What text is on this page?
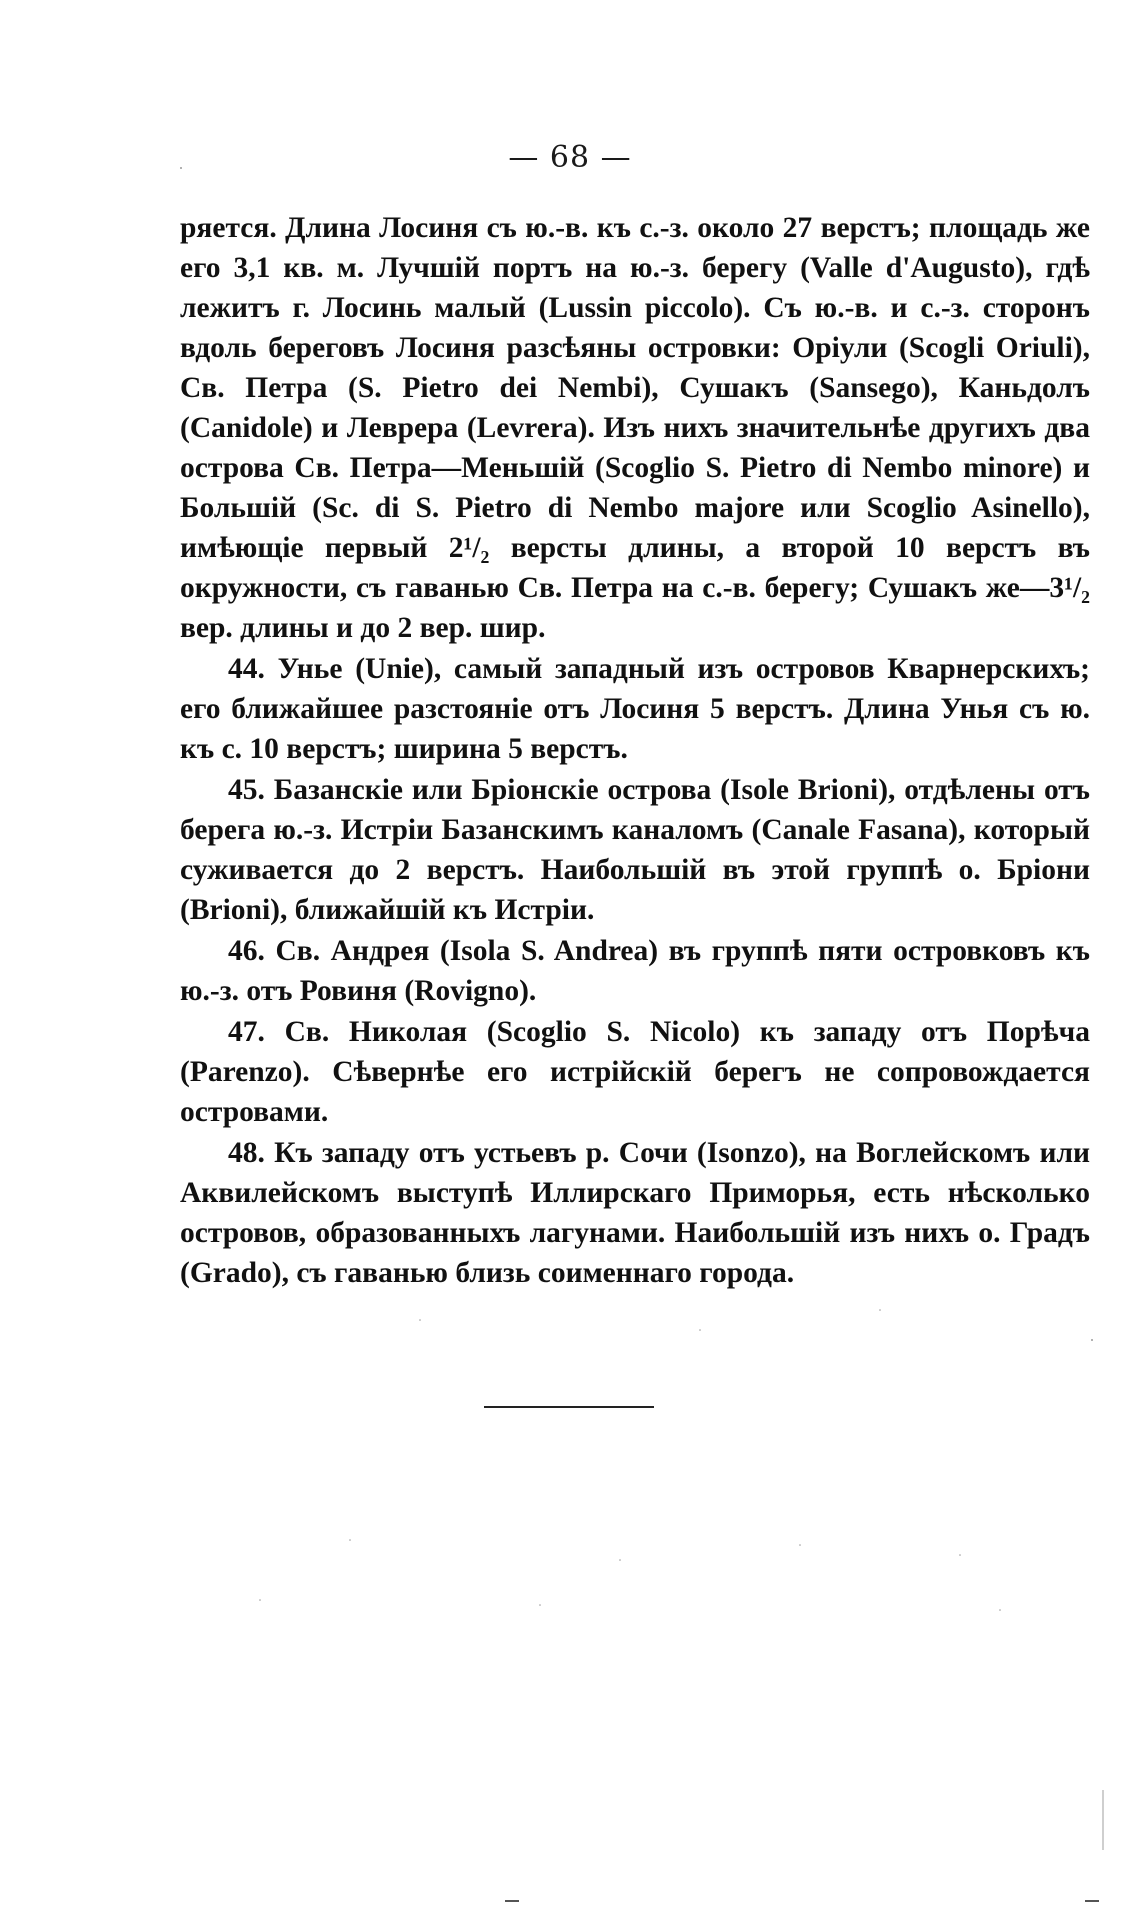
— 68 —

ряется. Длина Лосиня съ ю.-в. къ с.-з. около 27 верстъ; площадь же его 3,1 кв. м. Лучшій портъ на ю.-з. берегу (Valle d'Augusto), гдѣ лежитъ г. Лосинь малый (Lussin piccolo). Съ ю.-в. и с.-з. сторонъ вдоль береговъ Лосиня разсѣяны островки: Оріули (Scogli Oriuli), Св. Петра (S. Pietro dei Nembi), Сушакъ (Sansego), Каньдолъ (Canidole) и Леврера (Levrera). Изъ нихъ значительнѣе другихъ два острова Св. Петра—Меньшій (Scoglio S. Pietro di Nembo minore) и Большій (Sc. di S. Pietro di Nembo majore или Scoglio Asinello), имѣющіе первый 2¹/₂ версты длины, а второй 10 верстъ въ окружности, съ гаванью Св. Петра на с.-в. берегу; Сушакъ же—3¹/₂ вер. длины и до 2 вер. шир.

44. Унье (Unie), самый западный изъ островов Кварнерскихъ; его ближайшее разстояніе отъ Лосиня 5 верстъ. Длина Унья съ ю. къ с. 10 верстъ; ширина 5 верстъ.

45. Базанскіе или Бріонскіе острова (Isole Brioni), отдѣлены отъ берега ю.-з. Истріи Базанскимъ каналомъ (Canale Fasana), который суживается до 2 верстъ. Наибольшій въ этой группѣ о. Бріони (Brioni), ближайшій къ Истріи.

46. Св. Андрея (Isola S. Andrea) въ группѣ пяти островковъ къ ю.-з. отъ Ровиня (Rovigno).

47. Св. Николая (Scoglio S. Nicolo) къ западу отъ Порѣча (Parenzo). Сѣвернѣе его истрійскій берегъ не сопровождается островами.

48. Къ западу отъ устьевъ р. Сочи (Isonzo), на Воглейскомъ или Аквилейскомъ выступѣ Иллирскаго Приморья, есть нѣсколько островов, образованныхъ лагунами. Наибольшій изъ нихъ о. Градъ (Grado), съ гаванью близь соименнаго города.
